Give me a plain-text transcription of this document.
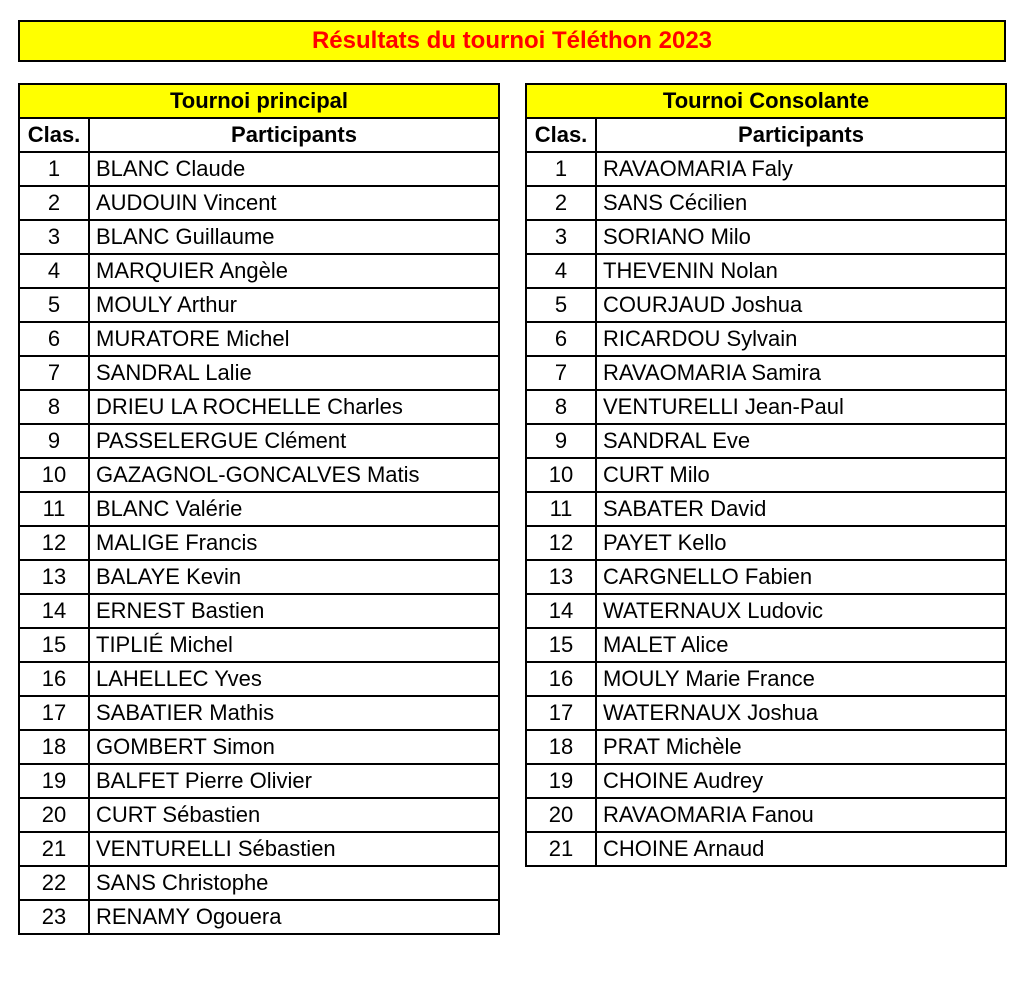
Résultats du tournoi Téléthon 2023
Tournoi principal	
Clas.	Participants
1	BLANC Claude
2	AUDOUIN Vincent
3	BLANC Guillaume
4	MARQUIER Angèle
5	MOULY Arthur
6	MURATORE Michel
7	SANDRAL Lalie
8	DRIEU LA ROCHELLE Charles
9	PASSELERGUE Clément
10	GAZAGNOL-GONCALVES Matis
11	BLANC Valérie
12	MALIGE Francis
13	BALAYE Kevin
14	ERNEST Bastien
15	TIPLIÉ Michel
16	LAHELLEC Yves
17	SABATIER Mathis
18	GOMBERT Simon
19	BALFET Pierre Olivier
20	CURT Sébastien
21	VENTURELLI Sébastien
22	SANS Christophe
23	RENAMY Ogouera
Tournoi Consolante	
Clas.	Participants
1	RAVAOMARIA Faly
2	SANS Cécilien
3	SORIANO Milo
4	THEVENIN Nolan
5	COURJAUD Joshua
6	RICARDOU Sylvain
7	RAVAOMARIA Samira
8	VENTURELLI Jean-Paul
9	SANDRAL Eve
10	CURT Milo
11	SABATER David
12	PAYET Kello
13	CARGNELLO Fabien
14	WATERNAUX Ludovic
15	MALET Alice
16	MOULY Marie France
17	WATERNAUX Joshua
18	PRAT Michèle
19	CHOINE Audrey
20	RAVAOMARIA Fanou
21	CHOINE Arnaud
